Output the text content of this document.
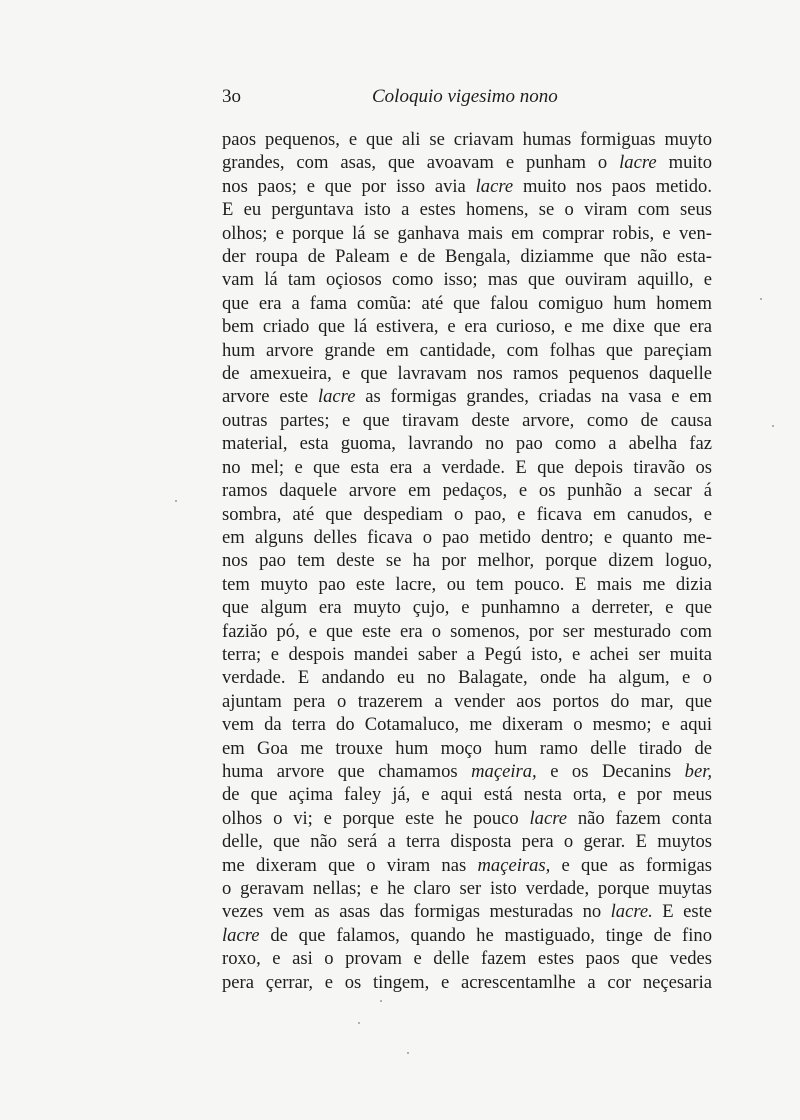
3o	Coloquio vigesimo nono
paos pequenos, e que ali se criavam humas formiguas muyto
grandes, com asas, que avoavam e punham o lacre muito
nos paos; e que por isso avia lacre muito nos paos metido.
E eu perguntava isto a estes homens, se o viram com seus
olhos; e porque lá se ganhava mais em comprar robis, e ven-
der roupa de Paleam e de Bengala, diziamme que não esta-
vam lá tam oçiosos como isso; mas que ouviram aquillo, e
que era a fama comũa: até que falou comiguo hum homem
bem criado que lá estivera, e era curioso, e me dixe que era
hum arvore grande em cantidade, com folhas que pareçiam
de amexueira, e que lavravam nos ramos pequenos daquelle
arvore este lacre as formigas grandes, criadas na vasa e em
outras partes; e que tiravam deste arvore, como de causa
material, esta guoma, lavrando no pao como a abelha faz
no mel; e que esta era a verdade. E que depois tiravão os
ramos daquele arvore em pedaços, e os punhão a secar á
sombra, até que despediam o pao, e ficava em canudos, e
em alguns delles ficava o pao metido dentro; e quanto me-
nos pao tem deste se ha por melhor, porque dizem loguo,
tem muyto pao este lacre, ou tem pouco. E mais me dizia
que algum era muyto çujo, e punhamno a derreter, e que
faziăo pó, e que este era o somenos, por ser mesturado com
terra; e despois mandei saber a Pegú isto, e achei ser muita
verdade. E andando eu no Balagate, onde ha algum, e o
ajuntam pera o trazerem a vender aos portos do mar, que
vem da terra do Cotamaluco, me dixeram o mesmo; e aqui
em Goa me trouxe hum moço hum ramo delle tirado de
huma arvore que chamamos maçeira, e os Decanins ber,
de que açima faley já, e aqui está nesta orta, e por meus
olhos o vi; e porque este he pouco lacre não fazem conta
delle, que não será a terra disposta pera o gerar. E muytos
me dixeram que o viram nas maçeiras, e que as formigas
o geravam nellas; e he claro ser isto verdade, porque muytas
vezes vem as asas das formigas mesturadas no lacre. E este
lacre de que falamos, quando he mastiguado, tinge de fino
roxo, e asi o provam e delle fazem estes paos que vedes
pera çerrar, e os tingem, e acrescentamlhe a cor neçesaria
